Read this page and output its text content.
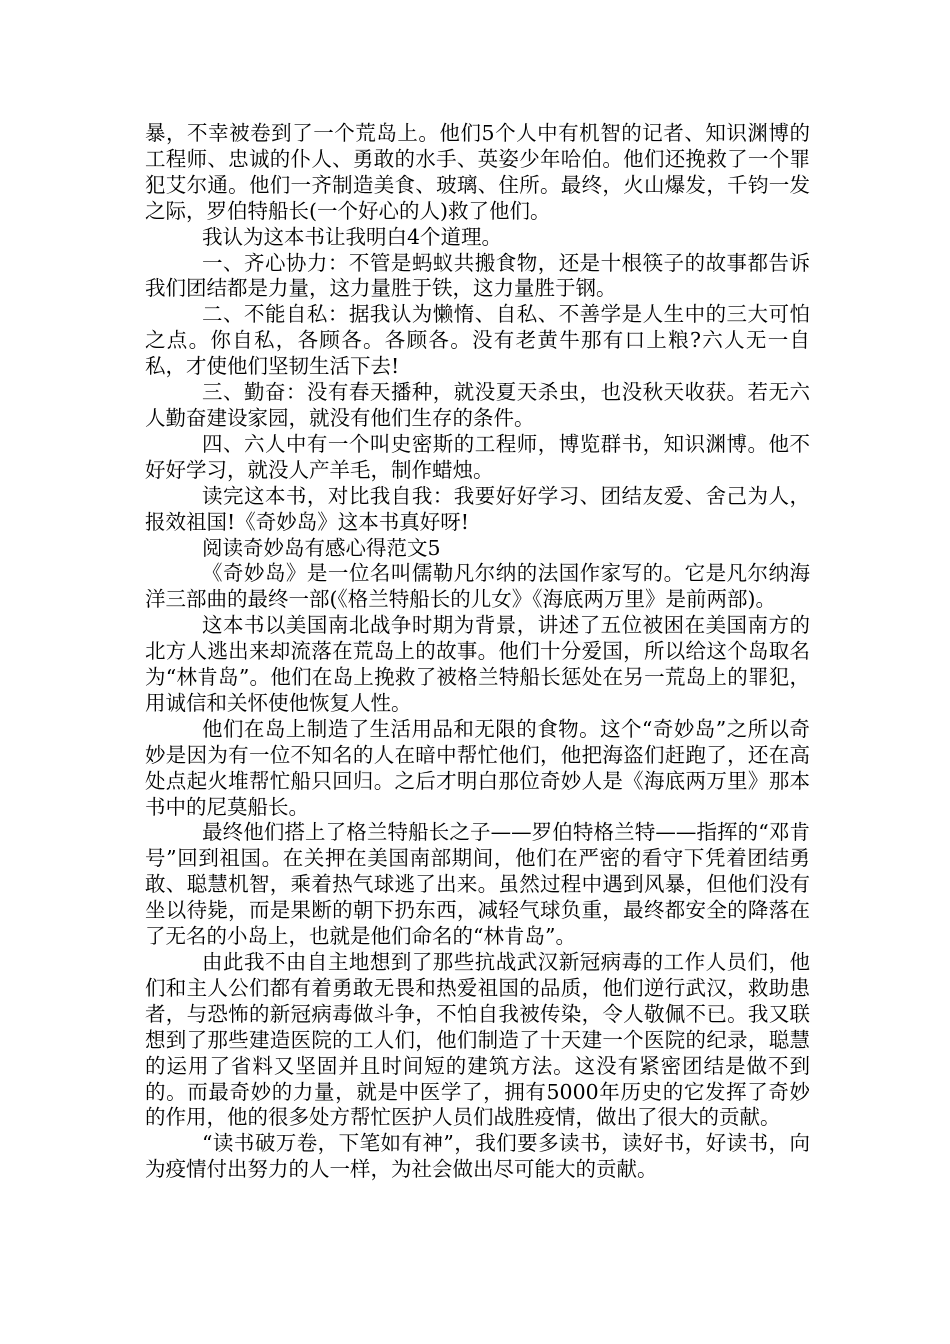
暴，不幸被卷到了一个荒岛上。他们5个人中有机智的记者、知识渊博的工程师、忠诚的仆人、勇敢的水手、英姿少年哈伯。他们还挽救了一个罪犯艾尔通。他们一齐制造美食、玻璃、住所。最终，火山爆发，千钧一发之际，罗伯特船长(一个好心的人)救了他们。

我认为这本书让我明白4个道理。

一、齐心协力：不管是蚂蚁共搬食物，还是十根筷子的故事都告诉我们团结都是力量，这力量胜于铁，这力量胜于钢。

二、不能自私：据我认为懒惰、自私、不善学是人生中的三大可怕之点。你自私，各顾各。各顾各。没有老黄牛那有口上粮?六人无一自私，才使他们坚韧生活下去!

三、勤奋：没有春天播种，就没夏天杀虫，也没秋天收获。若无六人勤奋建设家园，就没有他们生存的条件。

四、六人中有一个叫史密斯的工程师，博览群书，知识渊博。他不好好学习，就没人产羊毛，制作蜡烛。

读完这本书，对比我自我：我要好好学习、团结友爱、舍己为人，报效祖国!《奇妙岛》这本书真好呀!

阅读奇妙岛有感心得范文5

《奇妙岛》是一位名叫儒勒凡尔纳的法国作家写的。它是凡尔纳海洋三部曲的最终一部(《格兰特船长的儿女》《海底两万里》是前两部)。

这本书以美国南北战争时期为背景，讲述了五位被困在美国南方的北方人逃出来却流落在荒岛上的故事。他们十分爱国，所以给这个岛取名为“林肯岛”。他们在岛上挽救了被格兰特船长惩处在另一荒岛上的罪犯，用诚信和关怀使他恢复人性。

他们在岛上制造了生活用品和无限的食物。这个“奇妙岛”之所以奇妙是因为有一位不知名的人在暗中帮忙他们，他把海盗们赶跑了，还在高处点起火堆帮忙船只回归。之后才明白那位奇妙人是《海底两万里》那本书中的尼莫船长。

最终他们搭上了格兰特船长之子——罗伯特格兰特——指挥的“邓肯号”回到祖国。在关押在美国南部期间，他们在严密的看守下凭着团结勇敢、聪慧机智，乘着热气球逃了出来。虽然过程中遇到风暴，但他们没有坐以待毙，而是果断的朝下扔东西，减轻气球负重，最终都安全的降落在了无名的小岛上，也就是他们命名的“林肯岛”。

由此我不由自主地想到了那些抗战武汉新冠病毒的工作人员们，他们和主人公们都有着勇敢无畏和热爱祖国的品质，他们逆行武汉，救助患者，与恐怖的新冠病毒做斗争，不怕自我被传染，令人敬佩不已。我又联想到了那些建造医院的工人们，他们制造了十天建一个医院的纪录，聪慧的运用了省料又坚固并且时间短的建筑方法。这没有紧密团结是做不到的。而最奇妙的力量，就是中医学了，拥有5000年历史的它发挥了奇妙的作用，他的很多处方帮忙医护人员们战胜疫情，做出了很大的贡献。

“读书破万卷，下笔如有神”，我们要多读书，读好书，好读书，向为疫情付出努力的人一样，为社会做出尽可能大的贡献。
